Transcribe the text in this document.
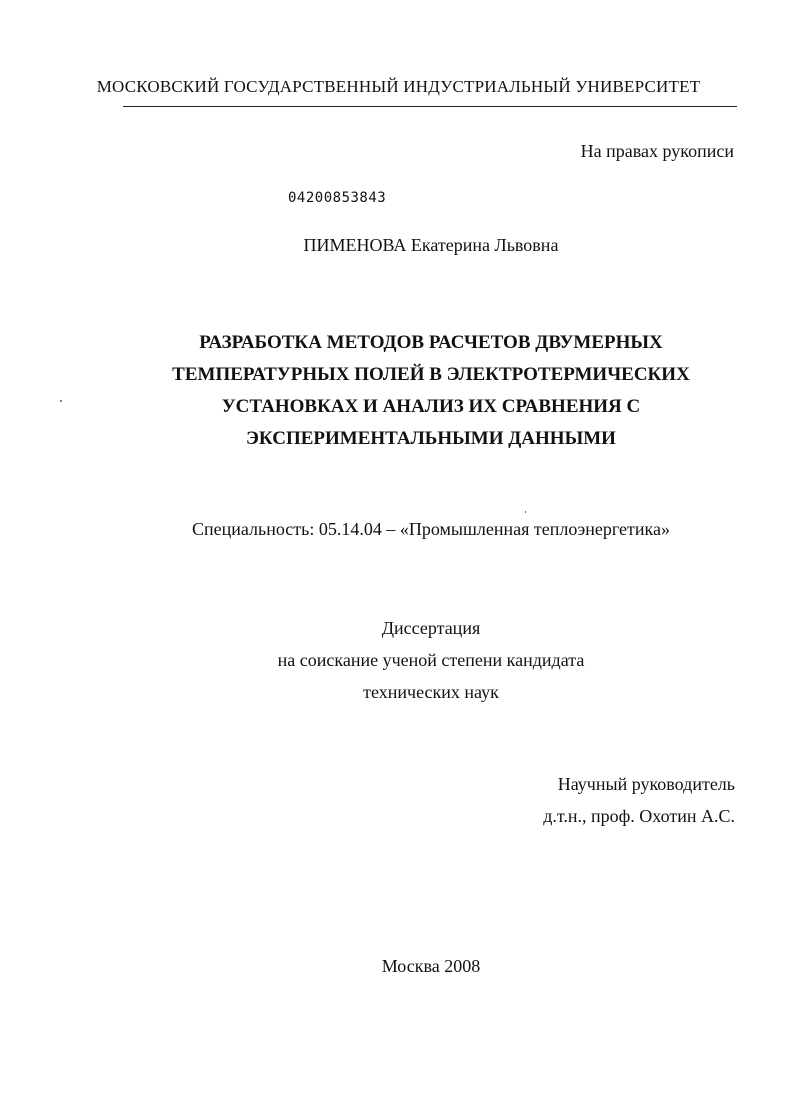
МОСКОВСКИЙ ГОСУДАРСТВЕННЫЙ ИНДУСТРИАЛЬНЫЙ УНИВЕРСИТЕТ
На правах рукописи
04200853843
ПИМЕНОВА Екатерина Львовна
РАЗРАБОТКА МЕТОДОВ РАСЧЕТОВ ДВУМЕРНЫХ
ТЕМПЕРАТУРНЫХ ПОЛЕЙ В ЭЛЕКТРОТЕРМИЧЕСКИХ
УСТАНОВКАХ И АНАЛИЗ ИХ СРАВНЕНИЯ С
ЭКСПЕРИМЕНТАЛЬНЫМИ ДАННЫМИ
Специальность: 05.14.04 – «Промышленная теплоэнергетика»
Диссертация
на соискание ученой степени кандидата
технических наук
Научный руководитель
д.т.н., проф. Охотин А.С.
Москва 2008
